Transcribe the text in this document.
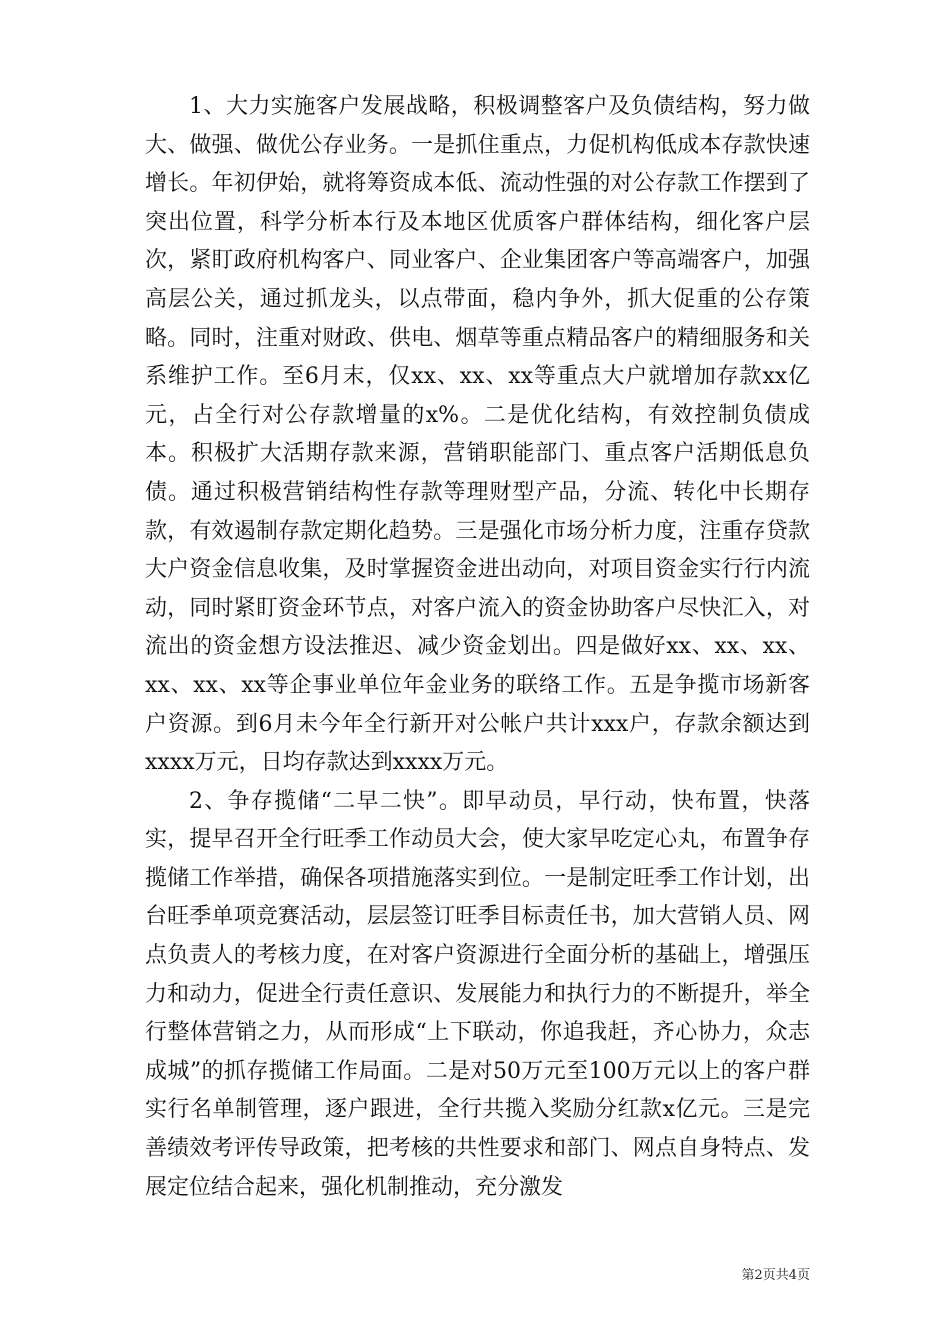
1、大力实施客户发展战略，积极调整客户及负债结构，努力做大、做强、做优公存业务。一是抓住重点，力促机构低成本存款快速增长。年初伊始，就将筹资成本低、流动性强的对公存款工作摆到了突出位置，科学分析本行及本地区优质客户群体结构，细化客户层次，紧盯政府机构客户、同业客户、企业集团客户等高端客户，加强高层公关，通过抓龙头，以点带面，稳内争外，抓大促重的公存策略。同时，注重对财政、供电、烟草等重点精品客户的精细服务和关系维护工作。至6月末，仅xx、xx、xx等重点大户就增加存款xx亿元，占全行对公存款增量的x%。二是优化结构，有效控制负债成本。积极扩大活期存款来源，营销职能部门、重点客户活期低息负债。通过积极营销结构性存款等理财型产品，分流、转化中长期存款，有效遏制存款定期化趋势。三是强化市场分析力度，注重存贷款大户资金信息收集，及时掌握资金进出动向，对项目资金实行行内流动，同时紧盯资金环节点，对客户流入的资金协助客户尽快汇入，对流出的资金想方设法推迟、减少资金划出。四是做好xx、xx、xx、xx、xx、xx等企事业单位年金业务的联络工作。五是争揽市场新客户资源。到6月未今年全行新开对公帐户共计xxx户，存款余额达到xxxx万元，日均存款达到xxxx万元。

2、争存揽储“二早二快”。即早动员，早行动，快布置，快落实，提早召开全行旺季工作动员大会，使大家早吃定心丸，布置争存揽储工作举措，确保各项措施落实到位。一是制定旺季工作计划，出台旺季单项竞赛活动，层层签订旺季目标责任书，加大营销人员、网点负责人的考核力度，在对客户资源进行全面分析的基础上，增强压力和动力，促进全行责任意识、发展能力和执行力的不断提升，举全行整体营销之力，从而形成“上下联动，你追我赶，齐心协力，众志成城”的抓存揽储工作局面。二是对50万元至100万元以上的客户群实行名单制管理，逐户跟进，全行共揽入奖励分红款x亿元。三是完善绩效考评传导政策，把考核的共性要求和部门、网点自身特点、发展定位结合起来，强化机制推动，充分激发

第2页共4页
